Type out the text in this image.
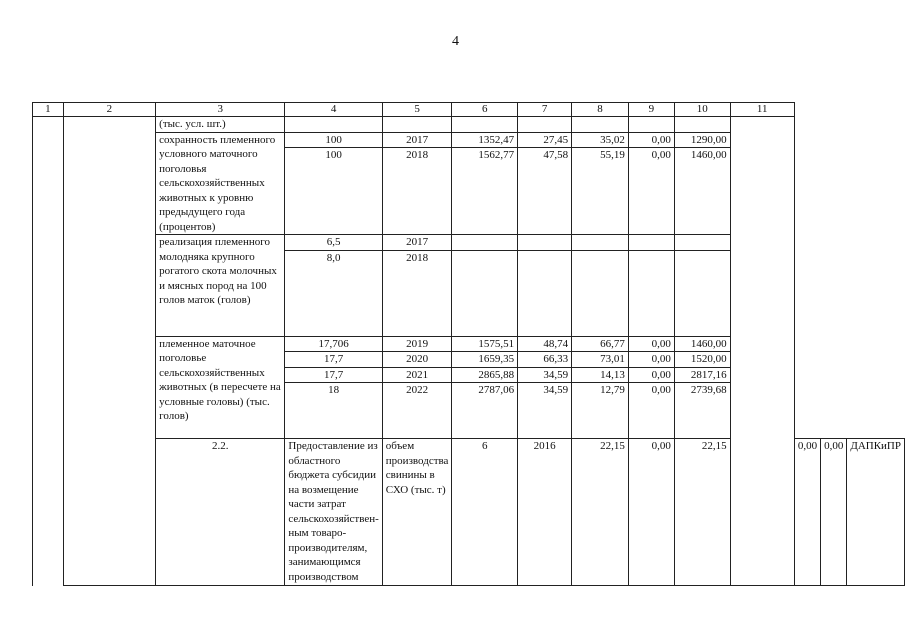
4
1	2	3	4	5	6	7	8	9	10	11			
		(тыс. усл. шт.)											
		сохранность племенного условного маточного поголовья сельскохозяйственных животных к уровню предыдущего года (процентов)	100	2017	1352,47	27,45	35,02	0,00	1290,00				
			100	2018	1562,77	47,58	55,19	0,00	1460,00				
		реализация племенного молодняка крупного рогатого скота молочных и мясных пород на 100 голов маток (голов)	6,5	2017									
			8,0	2018									
		племенное маточное поголовье сельскохозяйственных животных (в пересчете на условные головы) (тыс. голов)	17,706	2019	1575,51	48,74	66,77	0,00	1460,00				
			17,7	2020	1659,35	66,33	73,01	0,00	1520,00				
			17,7	2021	2865,88	34,59	14,13	0,00	2817,16				
			18	2022	2787,06	34,59	12,79	0,00	2739,68				
		2.2.	Предоставление из областного бюджета субсидии на возмещение части затрат сельскохозяйствен-ным товаро-производителям, занимающимся производством	объем производства свинины в СХО (тыс. т)	6	2016	22,15	0,00	22,15		0,00	0,00	ДАПКиПР
